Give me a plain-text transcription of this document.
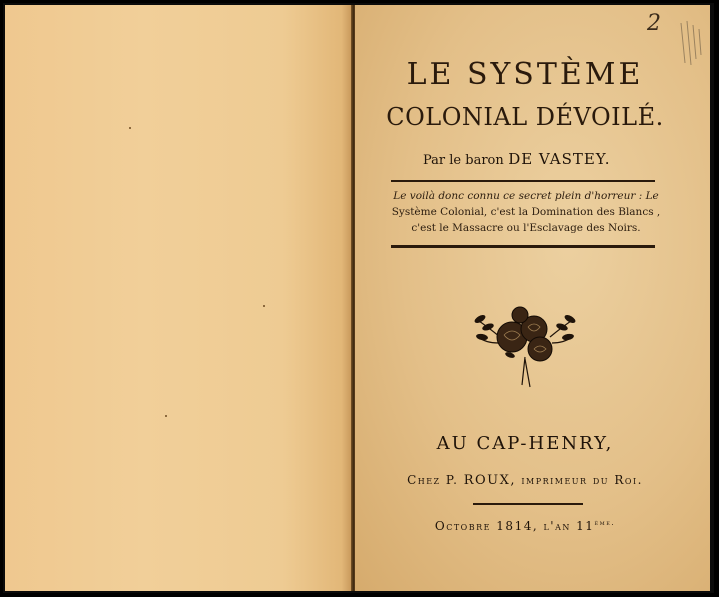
2
LE SYSTÈME
COLONIAL DÉVOILÉ.
Par le baron DE VASTEY.
Le voilà donc connu ce secret plein d'horreur : Le
Système Colonial, c'est la Domination des Blancs ,
c'est le Massacre ou l'Esclavage des Noirs.
AU CAP-HENRY,
Chez P. ROUX, imprimeur du Roi.
Octobre 1814, l'an $11^{ème.}$
